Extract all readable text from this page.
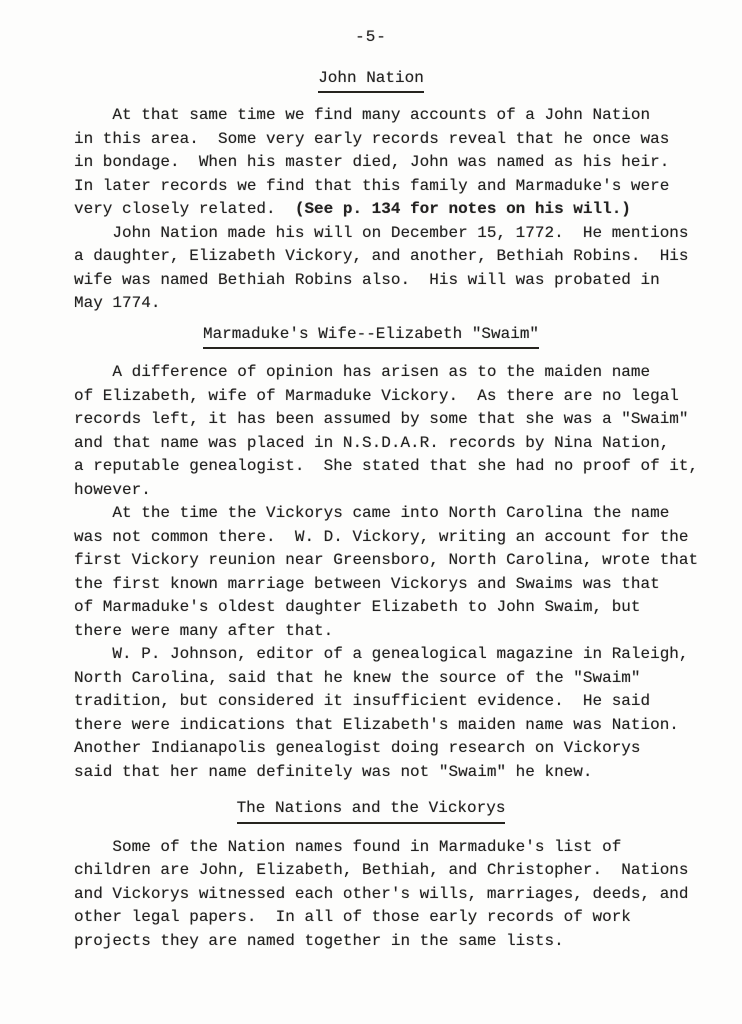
-5-
John Nation
At that same time we find many accounts of a John Nation
in this area.  Some very early records reveal that he once was
in bondage.  When his master died, John was named as his heir.
In later records we find that this family and Marmaduke's were
very closely related.  (See p. 134 for notes on his will.)
John Nation made his will on December 15, 1772.  He mentions
a daughter, Elizabeth Vickory, and another, Bethiah Robins.  His
wife was named Bethiah Robins also.  His will was probated in
May 1774.
Marmaduke's Wife--Elizabeth "Swaim"
A difference of opinion has arisen as to the maiden name
of Elizabeth, wife of Marmaduke Vickory.  As there are no legal
records left, it has been assumed by some that she was a "Swaim"
and that name was placed in N.S.D.A.R. records by Nina Nation,
a reputable genealogist.  She stated that she had no proof of it,
however.
At the time the Vickorys came into North Carolina the name
was not common there.  W. D. Vickory, writing an account for the
first Vickory reunion near Greensboro, North Carolina, wrote that
the first known marriage between Vickorys and Swaims was that
of Marmaduke's oldest daughter Elizabeth to John Swaim, but
there were many after that.
W. P. Johnson, editor of a genealogical magazine in Raleigh,
North Carolina, said that he knew the source of the "Swaim"
tradition, but considered it insufficient evidence.  He said
there were indications that Elizabeth's maiden name was Nation.
Another Indianapolis genealogist doing research on Vickorys
said that her name definitely was not "Swaim" he knew.
The Nations and the Vickorys
Some of the Nation names found in Marmaduke's list of
children are John, Elizabeth, Bethiah, and Christopher.  Nations
and Vickorys witnessed each other's wills, marriages, deeds, and
other legal papers.  In all of those early records of work
projects they are named together in the same lists.
